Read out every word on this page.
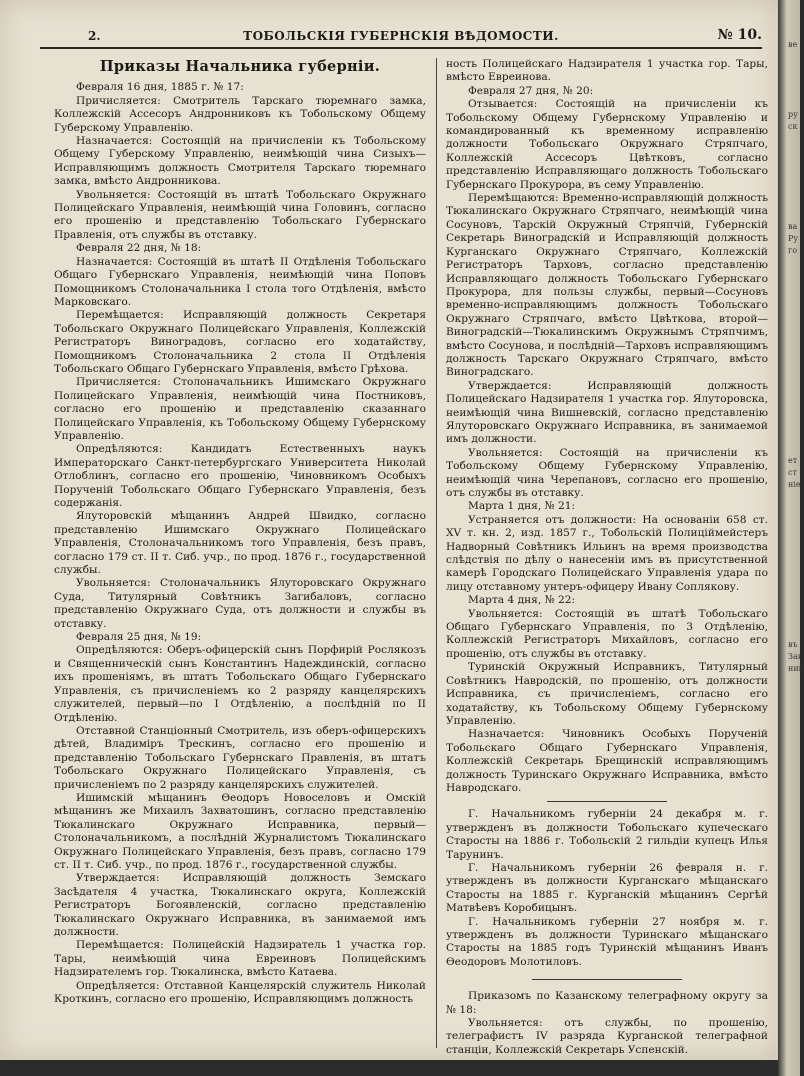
2.	ТОБОЛЬСКІЯ ГУБЕРНСКІЯ ВѢДОМОСТИ.	№ 10.
Приказы Начальника губерніи.

Февраля 16 дня, 1885 г. № 17:

Причисляется: Смотритель Тарскаго тюремнаго замка, Коллежскій Ассесоръ Андронниковъ къ Тобольскому Общему Губерскому Управленію.

Назначается: Состоящій на причисленіи къ Тобольскому Общему Губерскому Управленію, неимѣющій чина Сизыхъ— Исправляющимъ должность Смотрителя Тарскаго тюремнаго замка, вмѣсто Андронникова.

Увольняется: Состоящій въ штатѣ Тобольскаго Окружнаго Полицейскаго Управленія, неимѣющій чина Головинъ, согласно его прошенію и представленію Тобольскаго Губернскаго Правленія, отъ службы въ отставку.

Февраля 22 дня, № 18:

Назначается: Состоящій въ штатѣ II Отдѣленія Тобольскаго Общаго Губернскаго Управленія, неимѣющій чина Поповъ Помощникомъ Столоначальника I стола того Отдѣленія, вмѣсто Марковскаго.

Перемѣщается: Исправляющій должность Секретаря Тобольскаго Окружнаго Полицейскаго Управленія, Коллежскій Регистраторъ Виноградовъ, согласно его ходатайству, Помощникомъ Столоначальника 2 стола II Отдѣленія Тобольскаго Общаго Губернскаго Управленія, вмѣсто Грѣхова.

Причисляется: Столоначальникъ Ишимскаго Окружнаго Полицейскаго Управленія, неимѣющій чина Постниковъ, согласно его прошенію и представленію сказаннаго Полицейскаго Управленія, къ Тобольскому Общему Губернскому Управленію.

Опредѣляются: Кандидатъ Естественныхъ наукъ Императорскаго Санкт-петербургскаго Университета Николай Отлоблинъ, согласно его прошенію, Чиновникомъ Особыхъ Порученій Тобольскаго Общаго Губернскаго Управленія, безъ содержанія.

Ялуторовскій мѣщанинъ Андрей Швидко, согласно представленію Ишимскаго Окружнаго Полицейскаго Управленія, Столоначальникомъ того Управленія, безъ правъ, согласно 179 ст. II т. Сиб. учр., по прод. 1876 г., государственной службы.

Увольняется: Столоначальникъ Ялуторовскаго Окружнаго Суда, Титулярный Совѣтникъ Загибаловъ, согласно представленію Окружнаго Суда, отъ должности и службы въ отставку.

Февраля 25 дня, № 19:

Опредѣляются: Оберъ-офицерскій сынъ Порфирій Рослякозъ и Священническій сынъ Константинъ Надеждинскій, согласно ихъ прошеніямъ, въ штатъ Тобольскаго Общаго Губернскаго Управленія, съ причисленіемъ ко 2 разряду канцелярскихъ служителей, первый—по I Отдѣленію, а послѣдній по II Отдѣленію.

Отставной Станціонный Смотритель, изъ оберъ-офицерскихъ дѣтей, Владиміръ Трескинъ, согласно его прошенію и представленію Тобольскаго Губернскаго Правленія, въ штатъ Тобольскаго Окружнаго Полицейскаго Управленія, съ причисленіемъ по 2 разряду канцелярскихъ служителей.

Ишимскій мѣщанинъ Ѳеодоръ Новоселовъ и Омскій мѣщанинъ же Михаилъ Захватошинъ, согласно представленію Тюкалинскаго Окружнаго Исправника, первый—Столоначальникомъ, а послѣдній Журналистомъ Тюкалинскаго Окружнаго Полицейскаго Управленія, безъ правъ, согласно 179 ст. II т. Сиб. учр., по прод. 1876 г., государственной службы.

Утверждается: Исправляющій должность Земскаго Засѣдателя 4 участка, Тюкалинскаго округа, Коллежскій Регистраторъ Богоявленскій, согласно представленію Тюкалинскаго Окружнаго Исправника, въ занимаемой имъ должности.

Перемѣщается: Полицейскій Надзиратель 1 участка гор. Тары, неимѣющій чина Евреиновъ Полицейскимъ Надзирателемъ гор. Тюкалинска, вмѣсто Катаева.

Опредѣляется: Отставной Канцелярскій служитель Николай Кроткинъ, согласно его прошенію, Исправляющимъ должность

ность Полицейскаго Надзирателя 1 участка гор. Тары, вмѣсто Евреинова.

Февраля 27 дня, № 20:

Отзывается: Состоящій на причисленіи къ Тобольскому Общему Губернскому Управленію и командированный къ временному исправленію должности Тобольскаго Окружнаго Стряпчаго, Коллежскій Ассесоръ Цвѣтковъ, согласно представленію Исправляющаго должность Тобольскаго Губернскаго Прокурора, въ сему Управленію.

Перемѣщаются: Временно-исправляющій должность Тюкалинскаго Окружнаго Стряпчаго, неимѣющій чина Сосуновъ, Тарскій Окружный Стряпчій, Губернскій Секретарь Виноградскій и Исправляющій должность Курганскаго Окружнаго Стряпчаго, Коллежскій Регистраторъ Тарховъ, согласно представленію Исправляющаго должность Тобольскаго Губернскаго Прокурора, для пользы службы, первый—Сосуновъ временно-исправляющимъ должность Тобольскаго Окружнаго Стряпчаго, вмѣсто Цвѣткова, второй—Виноградскій—Тюкалинскимъ Окружнымъ Стряпчимъ, вмѣсто Сосунова, и послѣдній—Тарховъ исправляющимъ должность Тарскаго Окружнаго Стряпчаго, вмѣсто Виноградскаго.

Утверждается: Исправляющій должность Полицейскаго Надзирателя 1 участка гор. Ялуторовска, неимѣющій чина Вишневскій, согласно представленію Ялуторовскаго Окружнаго Исправника, въ занимаемой имъ должности.

Увольняется: Состоящій на причисленіи къ Тобольскому Общему Губернскому Управленію, неимѣющій чина Черепановъ, согласно его прошенію, отъ службы въ отставку.

Марта 1 дня, № 21:

Устраняется отъ должности: На основаніи 658 ст. XV т. кн. 2, изд. 1857 г., Тобольскій Полиціймейстеръ Надворный Совѣтникъ Ильинъ на время производства слѣдствія по дѣлу о нанесеніи имъ въ присутственной камерѣ Городскаго Полицейскаго Управленія удара по лицу отставному унтеръ-офицеру Ивану Соплякову.

Марта 4 дня, № 22:

Увольняется: Состоящій въ штатѣ Тобольскаго Общаго Губернскаго Управленія, по 3 Отдѣленію, Коллежскій Регистраторъ Михайловъ, согласно его прошенію, отъ службы въ отставку.

Туринскій Окружный Исправникъ, Титулярный Совѣтникъ Навродскій, по прошенію, отъ должности Исправника, съ причисленіемъ, согласно его ходатайству, къ Тобольскому Общему Губернскому Управленію.

Назначается: Чиновникъ Особыхъ Порученій Тобольскаго Общаго Губернскаго Управленія, Коллежскій Секретарь Брещинскій исправляющимъ должность Туринскаго Окружнаго Исправника, вмѣсто Навродскаго.

Г. Начальникомъ губерніи 24 декабря м. г. утвержденъ въ должности Тобольскаго купеческаго Старосты на 1886 г. Тобольскій 2 гильдіи купецъ Илья Тарунинъ.

Г. Начальникомъ губерніи 26 февраля н. г. утвержденъ въ должности Курганскаго мѣщанскаго Старосты на 1885 г. Курганскій мѣщанинъ Сергѣй Матвѣевъ Коробицынъ.

Г. Начальникомъ губерніи 27 ноября м. г. утвержденъ въ должности Туринскаго мѣщанскаго Старосты на 1885 годъ Туринскій мѣщанинъ Иванъ Ѳеодоровъ Молотиловъ.

Приказомъ по Казанскому телеграфному округу за № 18:

Увольняется: отъ службы, по прошенію, телеграфистъ IV разряда Курганской телеграфной станціи, Коллежскій Секретарь Успенскій.

ве
ру
ск
ва
Ру
го
ет
ст
ніе
въ
Зав
ник
